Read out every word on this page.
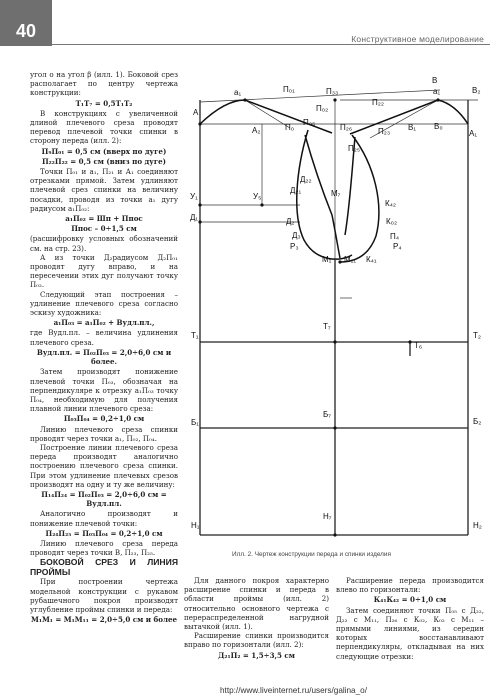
40	Конструктивное моделирование

угол о на угол β (илл. 1). Боковой срез располагает по центру чертежа конструкции:

Т₁Т₇ = 0,5Т₁Т₂

В конструкциях с увеличенной длиной плечевого среза проводят перевод плечевой точки спинки в сторону переда (илл. 2):

П₉П₀₁ = 0,5 см (вверх по дуге)

П₂₂П₂₂ = 0,5 см (вниз по дуге)

Точки П₀₁ и а₁, П₂₁ и А₁ соединяют отрезками прямой. Затем удлиняют плечевой срез спинки на величину посадки, проводя из точки а₁ дугу радиусом а₁П₀₂:

а₁П₀₂ = Шп + Ппос

Ппос – 0÷1,5 см

(расшифровку условных обозначений см. на стр. 23).

А из точки Д₂радиусом Д₂П₀₁ проводят дугу вправо, и на пересечении этих дуг получают точку П₀₂.

Следующий этап построения – удлинение плечевого среза согласно эскизу художника:

а₁П₀₃ = а₁П₀₂ + Вудл.пл.,

где Вудл.пл. – величина удлинения плечевого среза.

Вудл.пл. = П₀₂П₀₃ = 2,0÷6,0 см и более.

Затем производят понижение плечевой точки П₀₃, обозначая на перпендикуляре к отрезку а₁П₀₃ точку П₀₄, необходимую для получения плавной линии плечевого среза:

П₀₃П₀₄ = 0,2÷1,0 см

Линию плечевого среза спинки проводят через точки а₁, П₀₂, П₀₄.

Построение линии плечевого среза переда производят аналогично построению плечевого среза спинки. При этом удлинение плечевых срезов производят на одну и ту же величину:

П₁₄П₂₄ = П₀₂П₀₃ = 2,0÷6,0 см = Вудл.пл.

Аналогично производят и понижение плечевой точки:

П₂₄П₂₅ = П₀₃П₀₄ = 0,2÷1,0 см

Линию плечевого среза переда проводят через точки В, П₂₃, П₂₅.

БОКОВОЙ СРЕЗ И ЛИНИЯ ПРОЙМЫ

При построении чертежа модельной конструкции с рукавом рубашечного покроя производят углубление проймы спинки и переда:

М₁М₁ = М₁М₁₁ = 2,0÷5,0 см и более

Для данного покроя характерно расширение спинки и переда в области проймы (илл. 2) относительно основного чертежа с перераспределенной нагрудной вытачкой (илл. 1).

Расширение спинки производится вправо по горизонтали (илл. 2):

Д₂₁П₂ = 1,5÷3,5 см

Расширение переда производится влево по горизонтали:

К₄₁К₄₂ = 0÷1,0 см

Затем соединяют точки П₀₅ с Д₂₂, Д₂₂ с М₁₁, П₂₆ с К₀₂, К₀₂ с М₁₁ – прямыми линиями, из середин которых восстанавливают перпендикуляры, откладывая на них следующие отрезки:

A
a₁	П₀₁
П₀₂
П₃₃
B
B₂
П₂₂
a₁
A₂	П₀
П₀₅
П₂₆	П₂₃ B₁ B₀
A₁
П₂₅
Д₂₂
Д₂₁
У₁	У₅
Д₁
M₇
К₄₂
Д₂
Д₃
К₀₂
P₃
П₄
P₄
M₁ M₁₁ К₄₁
T₁
T₇
T₂
T₆
Б₁
Б₇
Б₂
H₁
H₇
H₂
Илл. 2. Чертеж конструкции переда и спинки изделия
http://www.liveinternet.ru/users/galina_o/
